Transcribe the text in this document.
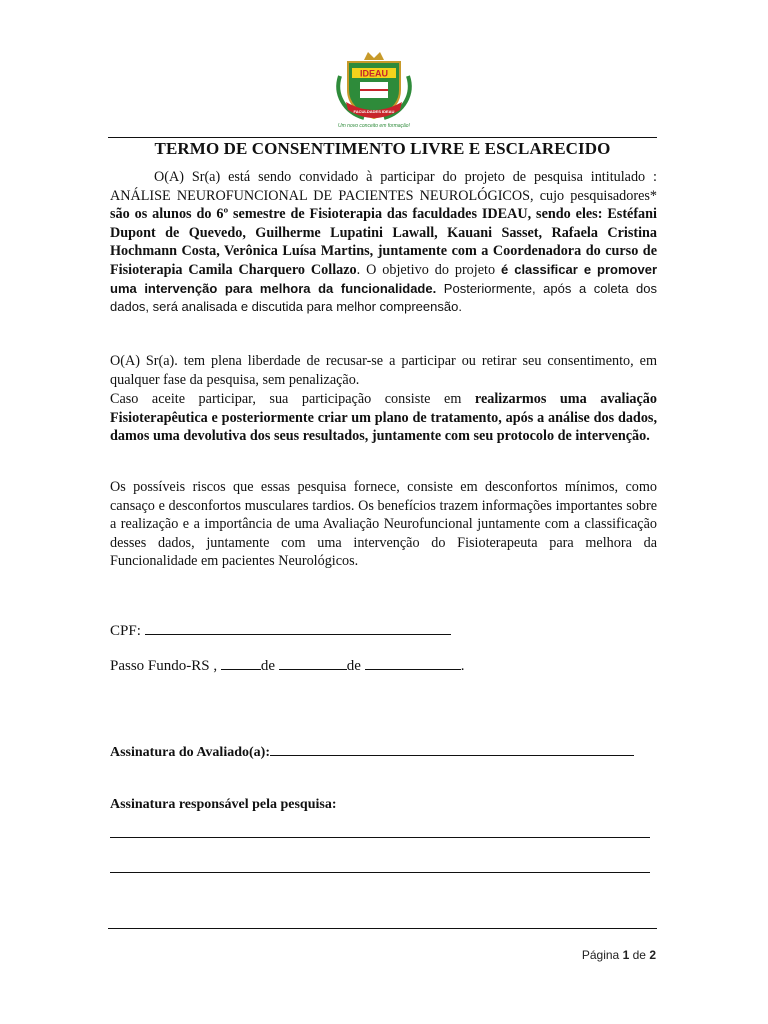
IDEAU
FACULDADES IDEAU
Um novo conceito em formação!
TERMO DE CONSENTIMENTO LIVRE E ESCLARECIDO

O(A) Sr(a) está sendo convidado à participar do projeto de pesquisa intitulado : ANÁLISE NEUROFUNCIONAL DE PACIENTES NEUROLÓGICOS, cujo pesquisadores* são os alunos do 6º semestre de Fisioterapia das faculdades IDEAU, sendo eles: Estéfani Dupont de Quevedo, Guilherme Lupatini Lawall, Kauani Sasset, Rafaela Cristina Hochmann Costa, Verônica Luísa Martins, juntamente com a Coordenadora do curso de Fisioterapia Camila Charquero Collazo. O objetivo do projeto é classificar e promover uma intervenção para melhora da funcionalidade. Posteriormente, após a coleta dos dados, será analisada e discutida para melhor compreensão.

O(A) Sr(a). tem plena liberdade de recusar-se a participar ou retirar seu consentimento, em qualquer fase da pesquisa, sem penalização.

Caso aceite participar, sua participação consiste em realizarmos uma avaliação Fisioterapêutica e posteriormente criar um plano de tratamento, após a análise dos dados, damos uma devolutiva dos seus resultados, juntamente com seu protocolo de intervenção.

Os possíveis riscos que essas pesquisa fornece, consiste em desconfortos mínimos, como cansaço e desconfortos musculares tardios. Os benefícios trazem informações importantes sobre a realização e a importância de uma Avaliação Neurofuncional juntamente com a classificação desses dados, juntamente com uma intervenção do Fisioterapeuta para melhora da Funcionalidade em pacientes Neurológicos.

CPF:
Passo Fundo-RS ,	de	de	.
Assinatura do Avaliado(a):
Assinatura responsável pela pesquisa:
Página 1 de 2
